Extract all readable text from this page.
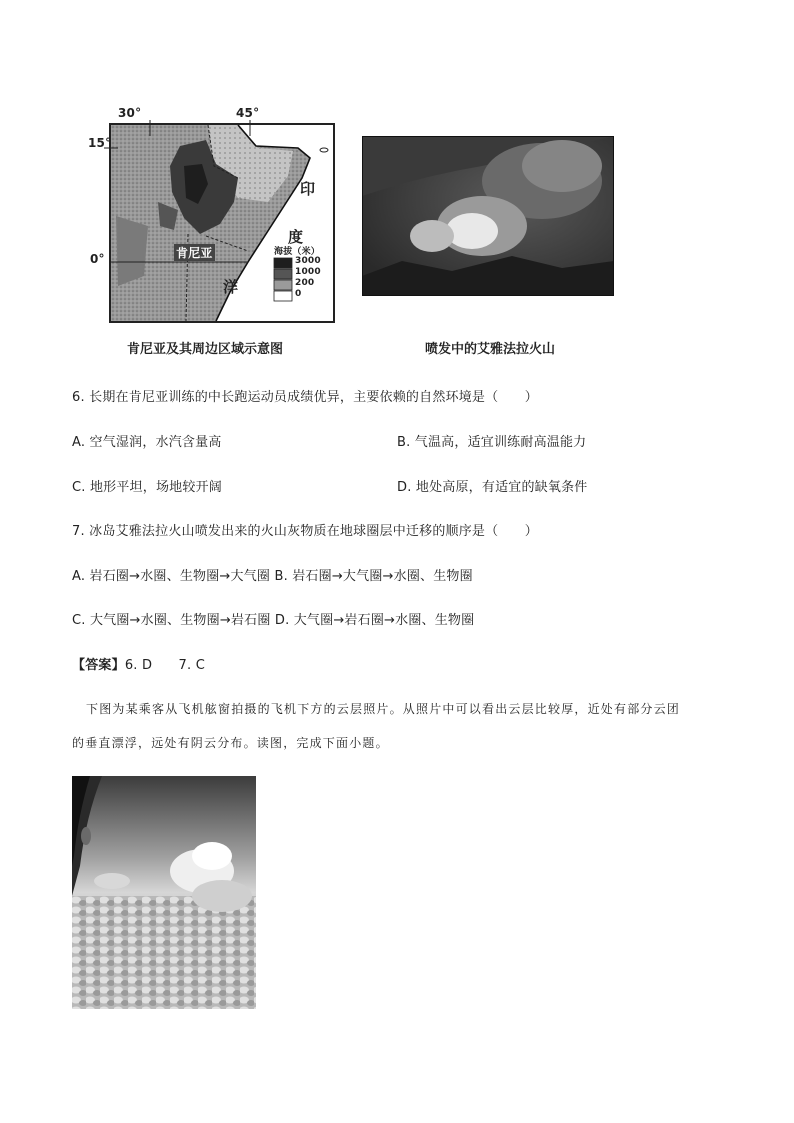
30°	45°
15°
0°	肯尼亚
印
度
洋
海拔（米）
3000
1000
200
0
肯尼亚及其周边区域示意图	喷发中的艾雅法拉火山
6. 长期在肯尼亚训练的中长跑运动员成绩优异，主要依赖的自然环境是（　　）
A. 空气湿润，水汽含量高	B. 气温高，适宜训练耐高温能力
C. 地形平坦，场地较开阔	D. 地处高原，有适宜的缺氧条件
7. 冰岛艾雅法拉火山喷发出来的火山灰物质在地球圈层中迁移的顺序是（　　）
A. 岩石圈→水圈、生物圈→大气圈 B. 岩石圈→大气圈→水圈、生物圈
C. 大气圈→水圈、生物圈→岩石圈 D. 大气圈→岩石圈→水圈、生物圈
【答案】6. D　　7. C
下图为某乘客从飞机舷窗拍摄的飞机下方的云层照片。从照片中可以看出云层比较厚，近处有部分云团
的垂直漂浮，远处有阴云分布。读图，完成下面小题。
